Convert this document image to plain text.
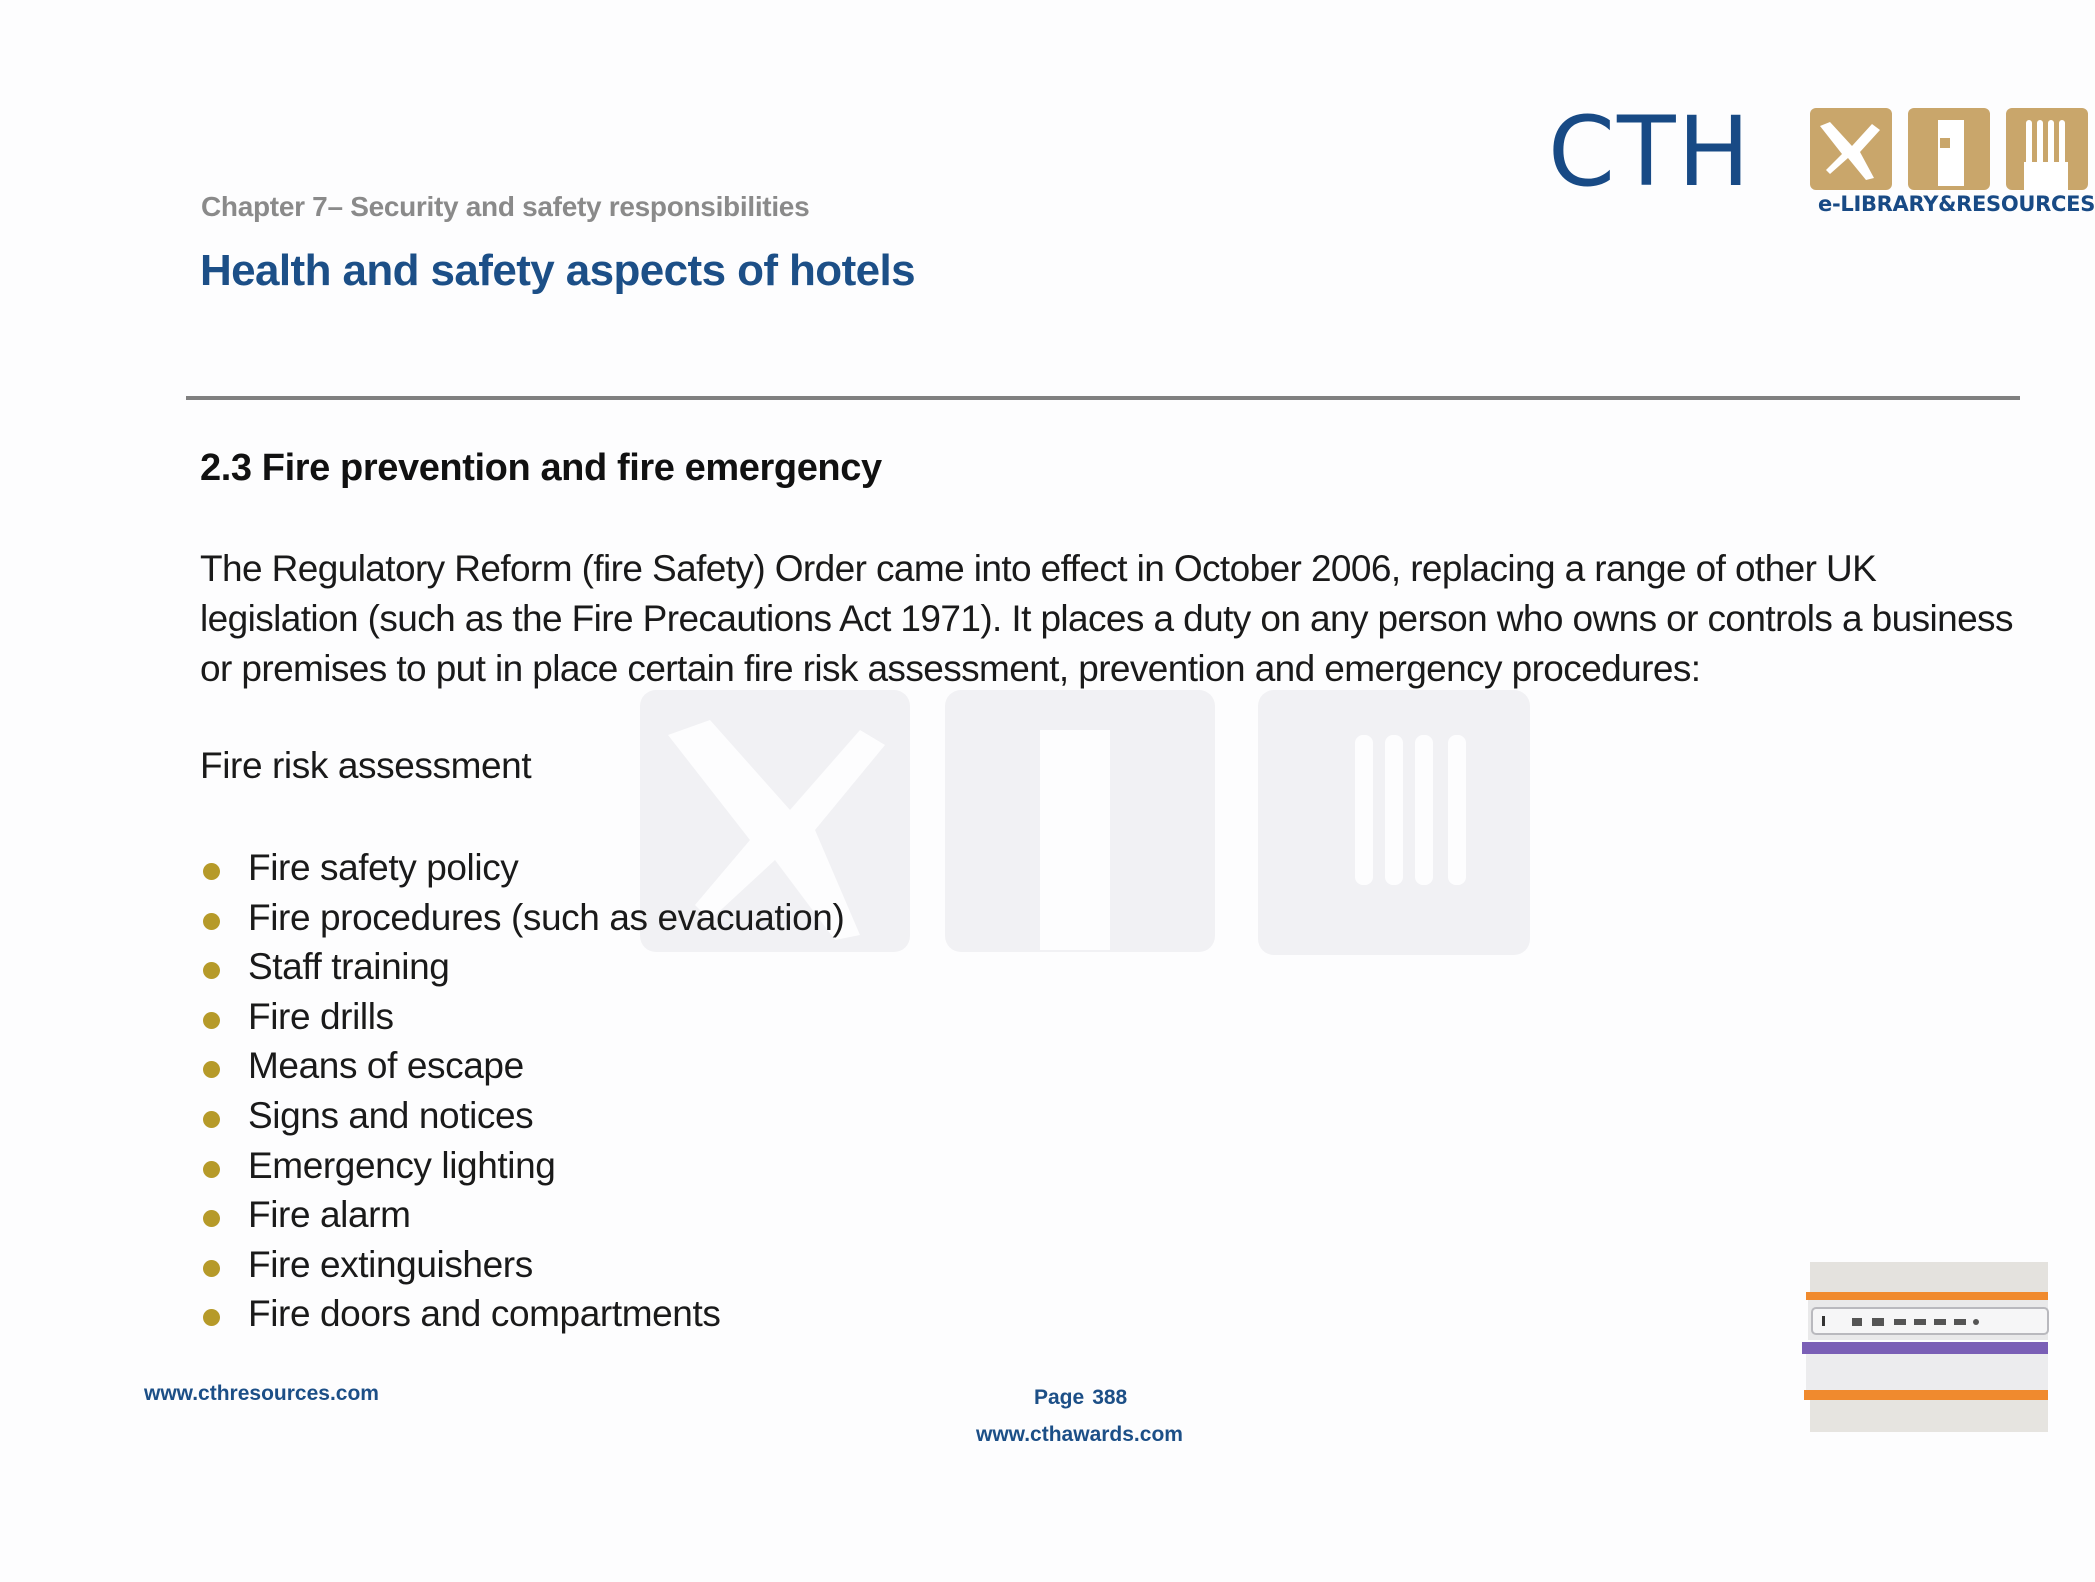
CTH	e-LIBRARY&RESOURCES
Chapter 7– Security and safety responsibilities
Health and safety aspects of hotels
2.3 Fire prevention and fire emergency

The Regulatory Reform (fire Safety) Order came into effect in October 2006, replacing a range of other UK legislation (such as the Fire Precautions Act 1971). It places a duty on any person who owns or controls a business or premises to put in place certain fire risk assessment, prevention and emergency procedures:

Fire risk assessment
Fire safety policy
Fire procedures (such as evacuation)
Staff training
Fire drills
Means of escape
Signs and notices
Emergency lighting
Fire alarm
Fire extinguishers
Fire doors and compartments
www.cthresources.com	Page 388
www.cthawards.com
